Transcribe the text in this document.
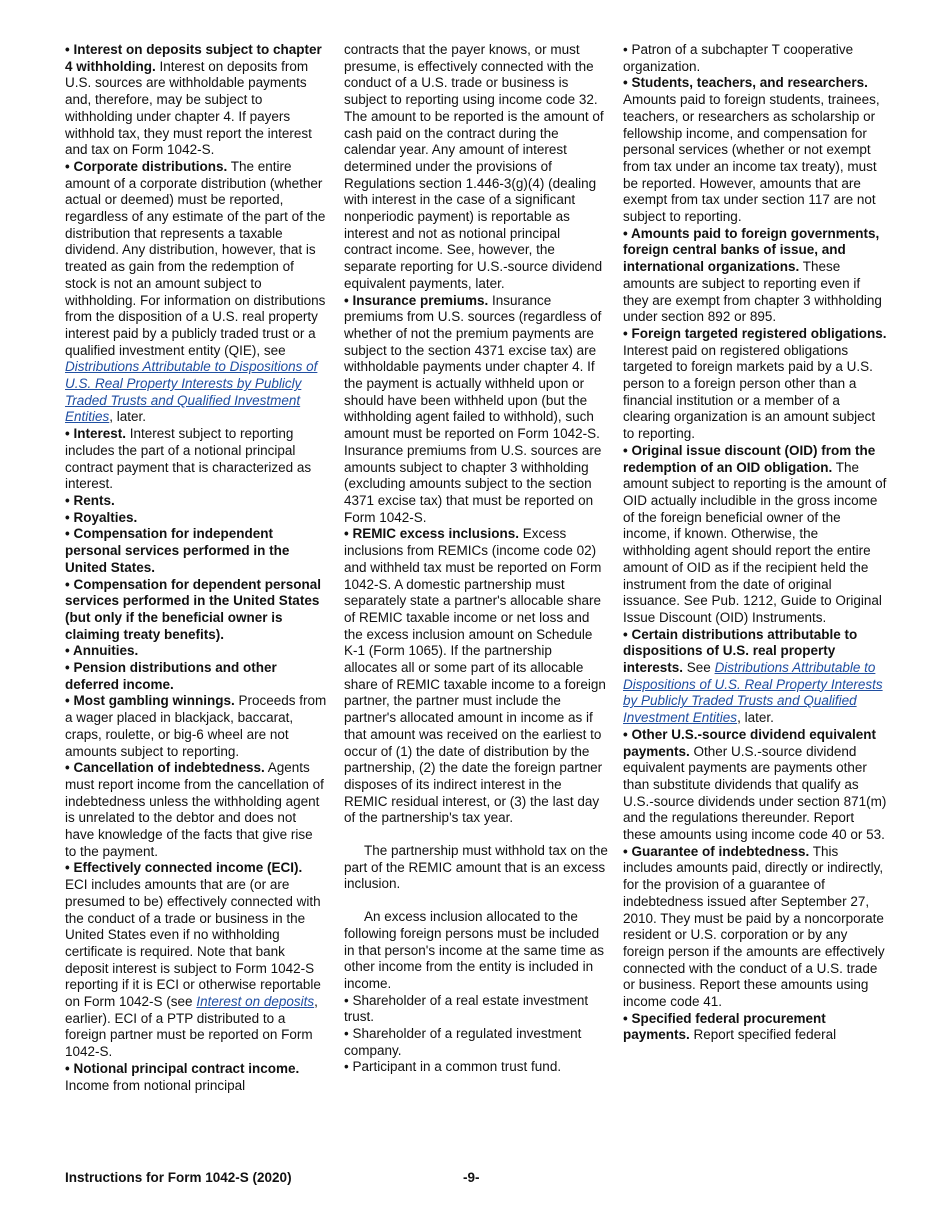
• Interest on deposits subject to chapter 4 withholding. Interest on deposits from U.S. sources are withholdable payments and, therefore, may be subject to withholding under chapter 4. If payers withhold tax, they must report the interest and tax on Form 1042-S.

• Corporate distributions. The entire amount of a corporate distribution (whether actual or deemed) must be reported, regardless of any estimate of the part of the distribution that represents a taxable dividend. Any distribution, however, that is treated as gain from the redemption of stock is not an amount subject to withholding. For information on distributions from the disposition of a U.S. real property interest paid by a publicly traded trust or a qualified investment entity (QIE), see Distributions Attributable to Dispositions of U.S. Real Property Interests by Publicly Traded Trusts and Qualified Investment Entities, later.

• Interest. Interest subject to reporting includes the part of a notional principal contract payment that is characterized as interest.

• Rents.

• Royalties.

• Compensation for independent personal services performed in the United States.

• Compensation for dependent personal services performed in the United States (but only if the beneficial owner is claiming treaty benefits).

• Annuities.

• Pension distributions and other deferred income.

• Most gambling winnings. Proceeds from a wager placed in blackjack, baccarat, craps, roulette, or big-6 wheel are not amounts subject to reporting.

• Cancellation of indebtedness. Agents must report income from the cancellation of indebtedness unless the withholding agent is unrelated to the debtor and does not have knowledge of the facts that give rise to the payment.

• Effectively connected income (ECI). ECI includes amounts that are (or are presumed to be) effectively connected with the conduct of a trade or business in the United States even if no withholding certificate is required. Note that bank deposit interest is subject to Form 1042-S reporting if it is ECI or otherwise reportable on Form 1042-S (see Interest on deposits, earlier). ECI of a PTP distributed to a foreign partner must be reported on Form 1042-S.

• Notional principal contract income. Income from notional principal

contracts that the payer knows, or must presume, is effectively connected with the conduct of a U.S. trade or business is subject to reporting using income code 32. The amount to be reported is the amount of cash paid on the contract during the calendar year. Any amount of interest determined under the provisions of Regulations section 1.446-3(g)(4) (dealing with interest in the case of a significant nonperiodic payment) is reportable as interest and not as notional principal contract income. See, however, the separate reporting for U.S.-source dividend equivalent payments, later.

• Insurance premiums. Insurance premiums from U.S. sources (regardless of whether of not the premium payments are subject to the section 4371 excise tax) are withholdable payments under chapter 4. If the payment is actually withheld upon or should have been withheld upon (but the withholding agent failed to withhold), such amount must be reported on Form 1042-S. Insurance premiums from U.S. sources are amounts subject to chapter 3 withholding (excluding amounts subject to the section 4371 excise tax) that must be reported on Form 1042-S.

• REMIC excess inclusions. Excess inclusions from REMICs (income code 02) and withheld tax must be reported on Form 1042-S. A domestic partnership must separately state a partner's allocable share of REMIC taxable income or net loss and the excess inclusion amount on Schedule K-1 (Form 1065). If the partnership allocates all or some part of its allocable share of REMIC taxable income to a foreign partner, the partner must include the partner's allocated amount in income as if that amount was received on the earliest to occur of (1) the date of distribution by the partnership, (2) the date the foreign partner disposes of its indirect interest in the REMIC residual interest, or (3) the last day of the partnership's tax year.

The partnership must withhold tax on the part of the REMIC amount that is an excess inclusion.

An excess inclusion allocated to the following foreign persons must be included in that person's income at the same time as other income from the entity is included in income.

• Shareholder of a real estate investment trust.

• Shareholder of a regulated investment company.

• Participant in a common trust fund.

• Patron of a subchapter T cooperative organization.

• Students, teachers, and researchers. Amounts paid to foreign students, trainees, teachers, or researchers as scholarship or fellowship income, and compensation for personal services (whether or not exempt from tax under an income tax treaty), must be reported. However, amounts that are exempt from tax under section 117 are not subject to reporting.

• Amounts paid to foreign governments, foreign central banks of issue, and international organizations. These amounts are subject to reporting even if they are exempt from chapter 3 withholding under section 892 or 895.

• Foreign targeted registered obligations. Interest paid on registered obligations targeted to foreign markets paid by a U.S. person to a foreign person other than a financial institution or a member of a clearing organization is an amount subject to reporting.

• Original issue discount (OID) from the redemption of an OID obligation. The amount subject to reporting is the amount of OID actually includible in the gross income of the foreign beneficial owner of the income, if known. Otherwise, the withholding agent should report the entire amount of OID as if the recipient held the instrument from the date of original issuance. See Pub. 1212, Guide to Original Issue Discount (OID) Instruments.

• Certain distributions attributable to dispositions of U.S. real property interests. See Distributions Attributable to Dispositions of U.S. Real Property Interests by Publicly Traded Trusts and Qualified Investment Entities, later.

• Other U.S.-source dividend equivalent payments. Other U.S.-source dividend equivalent payments are payments other than substitute dividends that qualify as U.S.-source dividends under section 871(m) and the regulations thereunder. Report these amounts using income code 40 or 53.

• Guarantee of indebtedness. This includes amounts paid, directly or indirectly, for the provision of a guarantee of indebtedness issued after September 27, 2010. They must be paid by a noncorporate resident or U.S. corporation or by any foreign person if the amounts are effectively connected with the conduct of a U.S. trade or business. Report these amounts using income code 41.

• Specified federal procurement payments. Report specified federal

Instructions for Form 1042-S (2020)	-9-
